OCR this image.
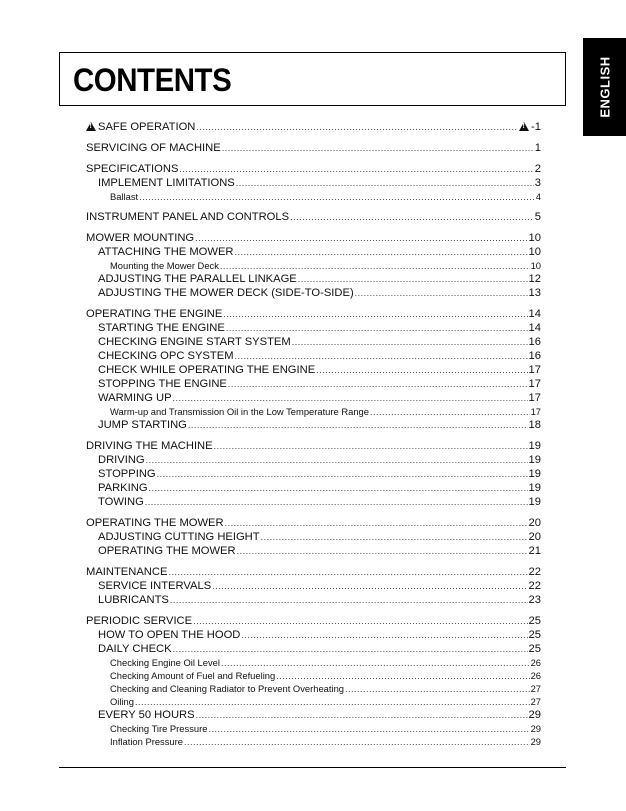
CONTENTS	ENGLISH
!SAFE OPERATION ..... !	-1
SERVICING OF MACHINE .....	1
SPECIFICATIONS .....	2
IMPLEMENT LIMITATIONS .....	3
Ballast .....	4
INSTRUMENT PANEL AND CONTROLS .....	5
MOWER MOUNTING .....	10
ATTACHING THE MOWER .....	10
Mounting the Mower Deck .....	10
ADJUSTING THE PARALLEL LINKAGE .....	12
ADJUSTING THE MOWER DECK (SIDE-TO-SIDE) .....	13
OPERATING THE ENGINE .....	14
STARTING THE ENGINE .....	14
CHECKING ENGINE START SYSTEM .....	16
CHECKING OPC SYSTEM .....	16
CHECK WHILE OPERATING THE ENGINE .....	17
STOPPING THE ENGINE .....	17
WARMING UP .....	17
Warm-up and Transmission Oil in the Low Temperature Range .....	17
JUMP STARTING .....	18
DRIVING THE MACHINE .....	19
DRIVING .....	19
STOPPING .....	19
PARKING .....	19
TOWING .....	19
OPERATING THE MOWER .....	20
ADJUSTING CUTTING HEIGHT .....	20
OPERATING THE MOWER .....	21
MAINTENANCE .....	22
SERVICE INTERVALS .....	22
LUBRICANTS .....	23
PERIODIC SERVICE .....	25
HOW TO OPEN THE HOOD .....	25
DAILY CHECK .....	25
Checking Engine Oil Level .....	26
Checking Amount of Fuel and Refueling .....	26
Checking and Cleaning Radiator to Prevent Overheating .....	27
Oiling .....	27
EVERY 50 HOURS .....	29
Checking Tire Pressure .....	29
Inflation Pressure .....	29
